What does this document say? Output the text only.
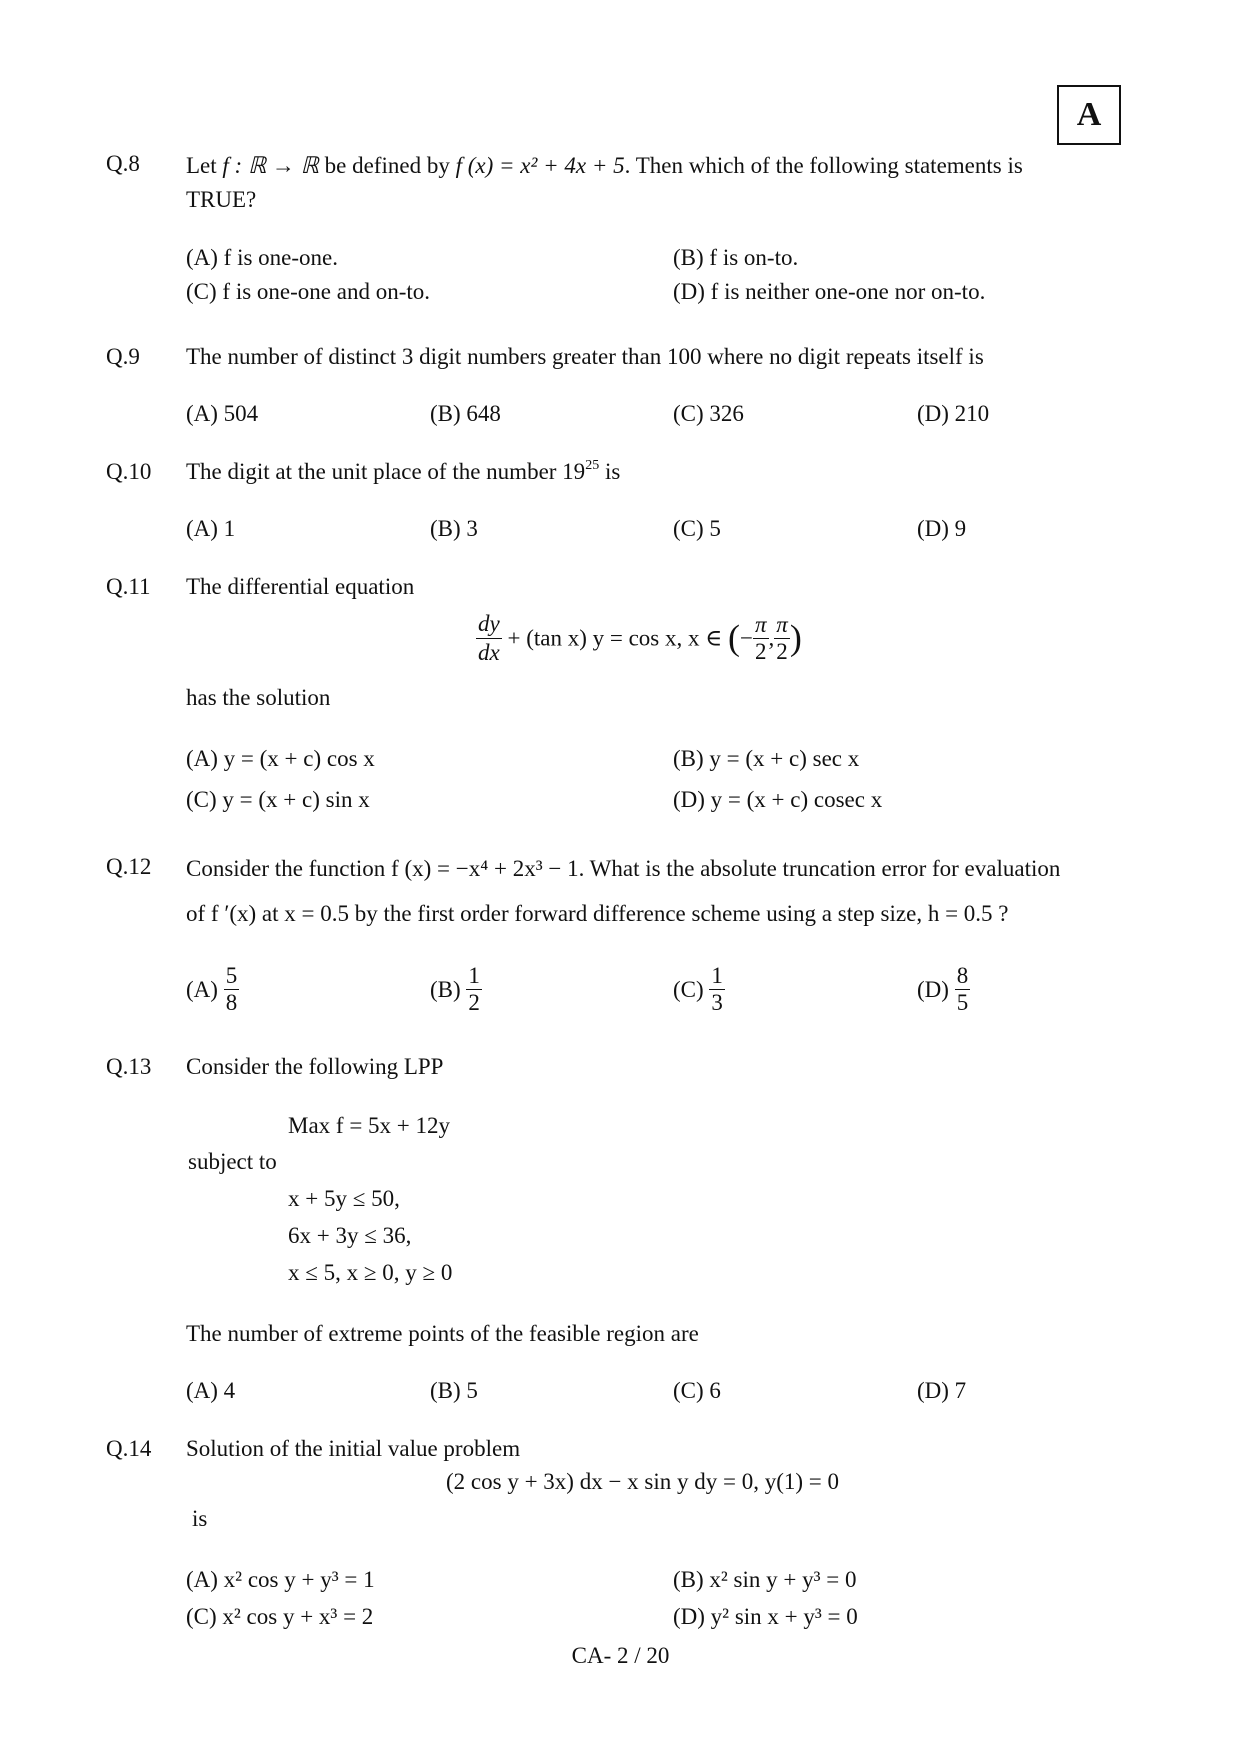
A
Q.8 Let f : ℝ → ℝ be defined by f (x) = x² + 4x + 5. Then which of the following statements is
TRUE?
(A) f is one-one.	(B) f is on-to.
(C) f is one-one and on-to.	(D) f is neither one-one nor on-to.
Q.9 The number of distinct 3 digit numbers greater than 100 where no digit repeats itself is
(A) 504	(B) 648	(C) 326	(D) 210
Q.10 The digit at the unit place of the number $19^{25}$ is
(A) 1	(B) 3	(C) 5	(D) 9
Q.11 The differential equation
$\frac{dy}{dx} + (\tan$ x) y = cos x, x ∈ (− $\frac{\pi}{2}$ , $\frac{\pi}{2}$ )
has the solution
(A) y = (x + c) cos x	(B) y = (x + c) sec x
(C) y = (x + c) sin x	(D) y = (x + c) cosec x
Q.12 Consider the function f (x) = −x⁴ + 2x³ − 1. What is the absolute truncation error for evaluation
of f ′(x) at x = 0.5 by the first order forward difference scheme using a step size, h = 0.5 ?
$(A) \frac{5}{8}$	$(B) \frac{1}{2}$	$(C) \frac{1}{3}$	$(D) \frac{8}{5}$
Q.13 Consider the following LPP
Max f = 5x + 12y
subject to
x + 5y ≤ 50,
6x + 3y ≤ 36,
x ≤ 5, x ≥ 0, y ≥ 0
The number of extreme points of the feasible region are
(A) 4	(B) 5	(C) 6	(D) 7
Q.14 Solution of the initial value problem
(2 cos y + 3x) dx − x sin y dy = 0, y(1) = 0
is
(A) x² cos y + y³ = 1	(B) x² sin y + y³ = 0
(C) x² cos y + x³ = 2	(D) y² sin x + y³ = 0
CA- 2 / 20
